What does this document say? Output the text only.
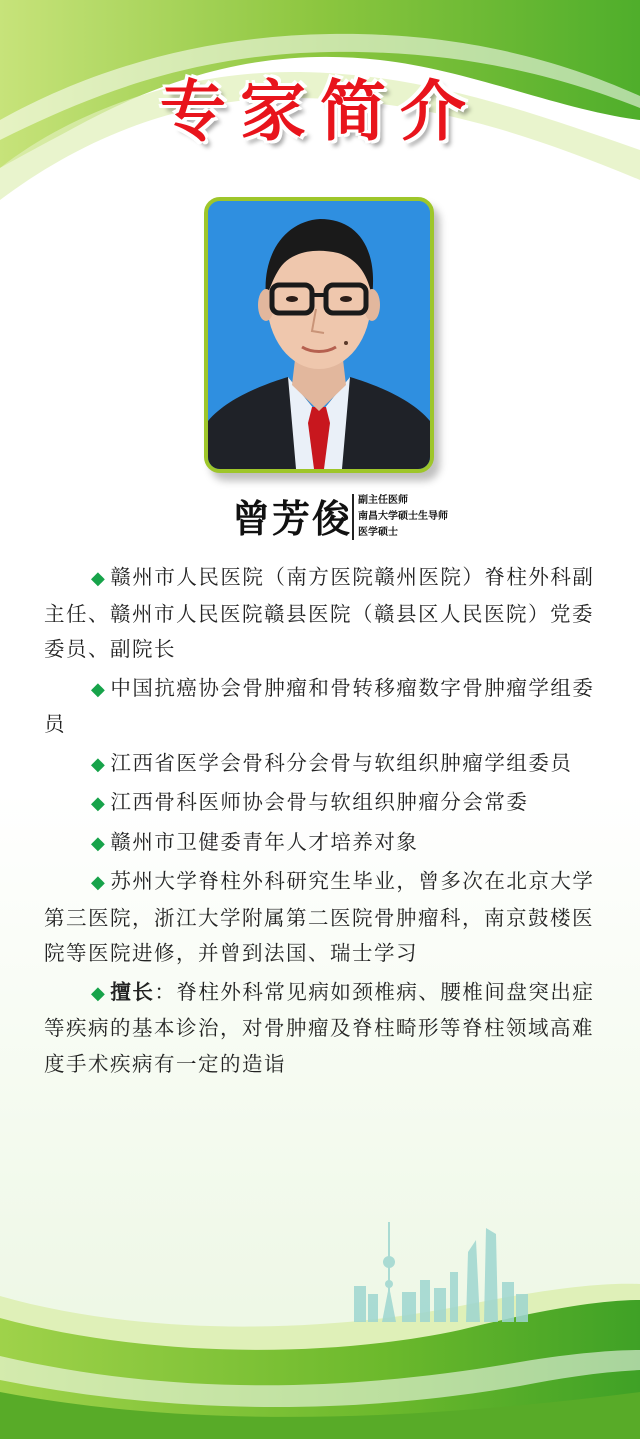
专家简介
曾芳俊 副主任医师
南昌大学硕士生导师
医学硕士

◆ 赣州市人民医院（南方医院赣州医院）脊柱外科副主任、赣州市人民医院赣县医院（赣县区人民医院）党委委员、副院长

◆ 中国抗癌协会骨肿瘤和骨转移瘤数字骨肿瘤学组委员

◆ 江西省医学会骨科分会骨与软组织肿瘤学组委员

◆ 江西骨科医师协会骨与软组织肿瘤分会常委

◆ 赣州市卫健委青年人才培养对象

◆ 苏州大学脊柱外科研究生毕业，曾多次在北京大学第三医院，浙江大学附属第二医院骨肿瘤科，南京鼓楼医院等医院进修，并曾到法国、瑞士学习

◆ 擅长：脊柱外科常见病如颈椎病、腰椎间盘突出症等疾病的基本诊治，对骨肿瘤及脊柱畸形等脊柱领域高难度手术疾病有一定的造诣
